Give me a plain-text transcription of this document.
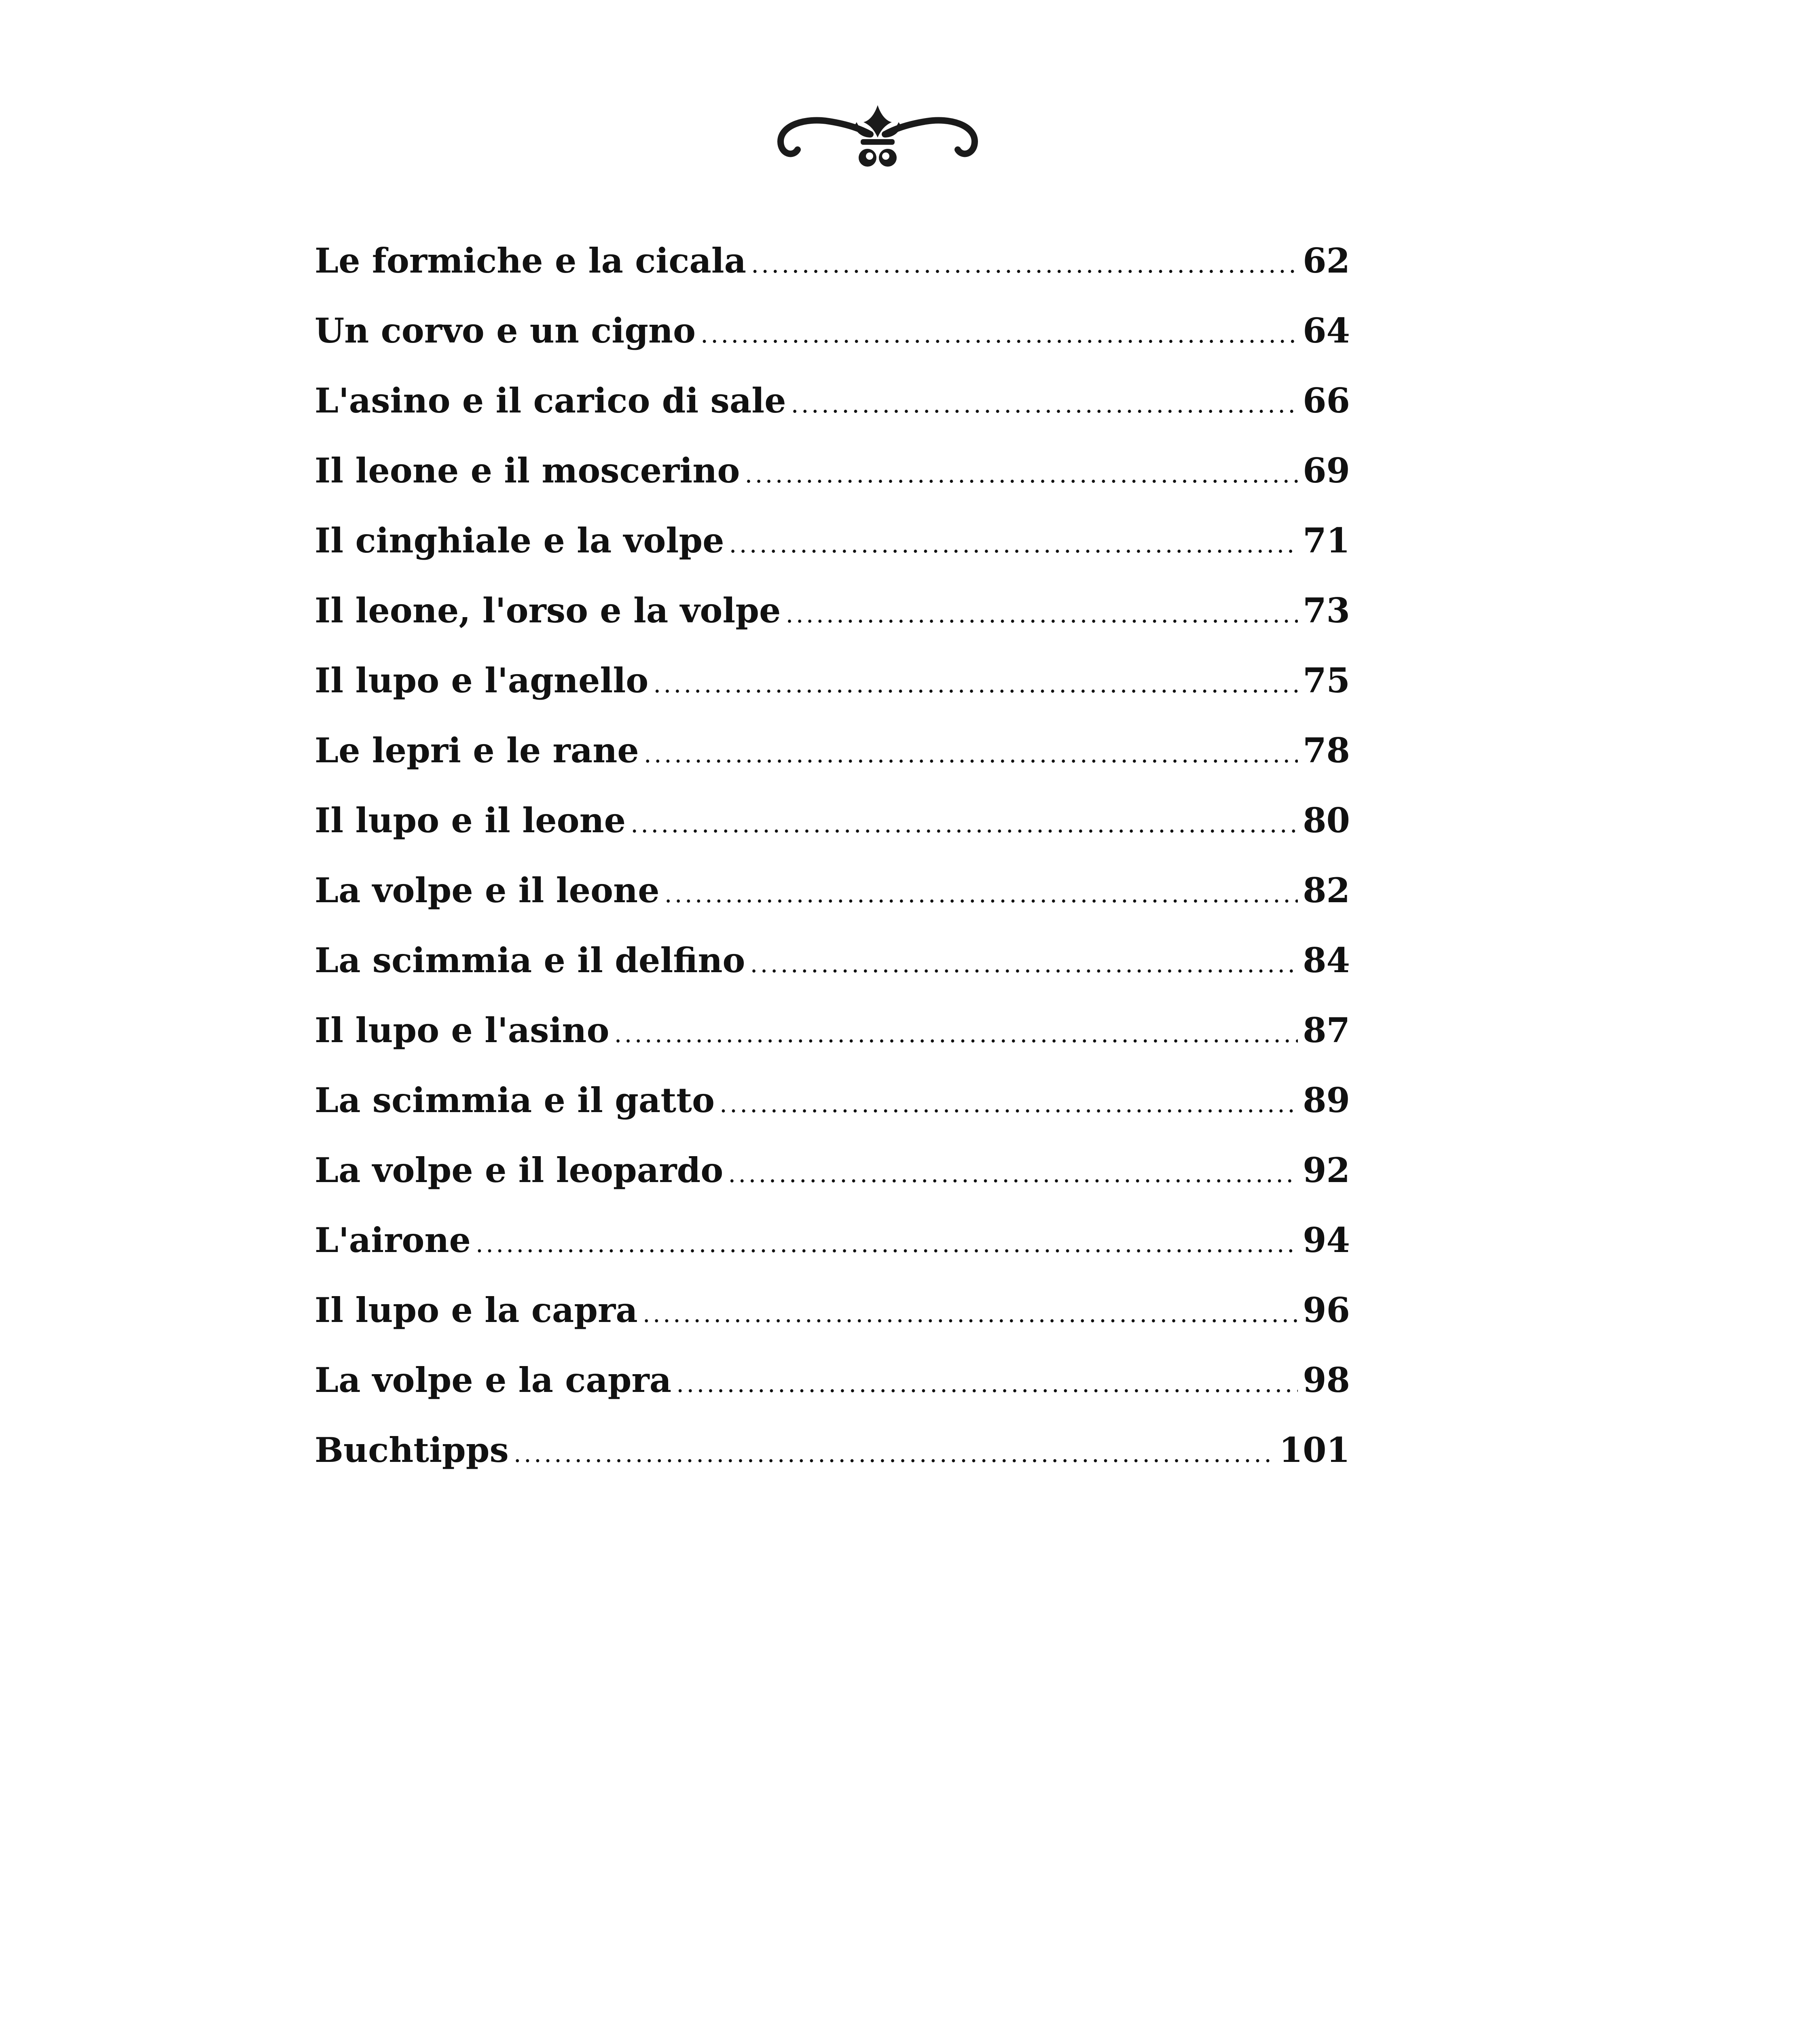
Le formiche e la cicala .....	62
Un corvo e un cigno .....	64
L'asino e il carico di sale .....	66
Il leone e il moscerino .....	69
Il cinghiale e la volpe .....	71
Il leone, l'orso e la volpe .....	73
Il lupo e l'agnello .....	75
Le lepri e le rane .....	78
Il lupo e il leone .....	80
La volpe e il leone .....	82
La scimmia e il delfino .....	84
Il lupo e l'asino .....	87
La scimmia e il gatto .....	89
La volpe e il leopardo .....	92
L'airone .....	94
Il lupo e la capra .....	96
La volpe e la capra .....	98
Buchtipps .....	101
